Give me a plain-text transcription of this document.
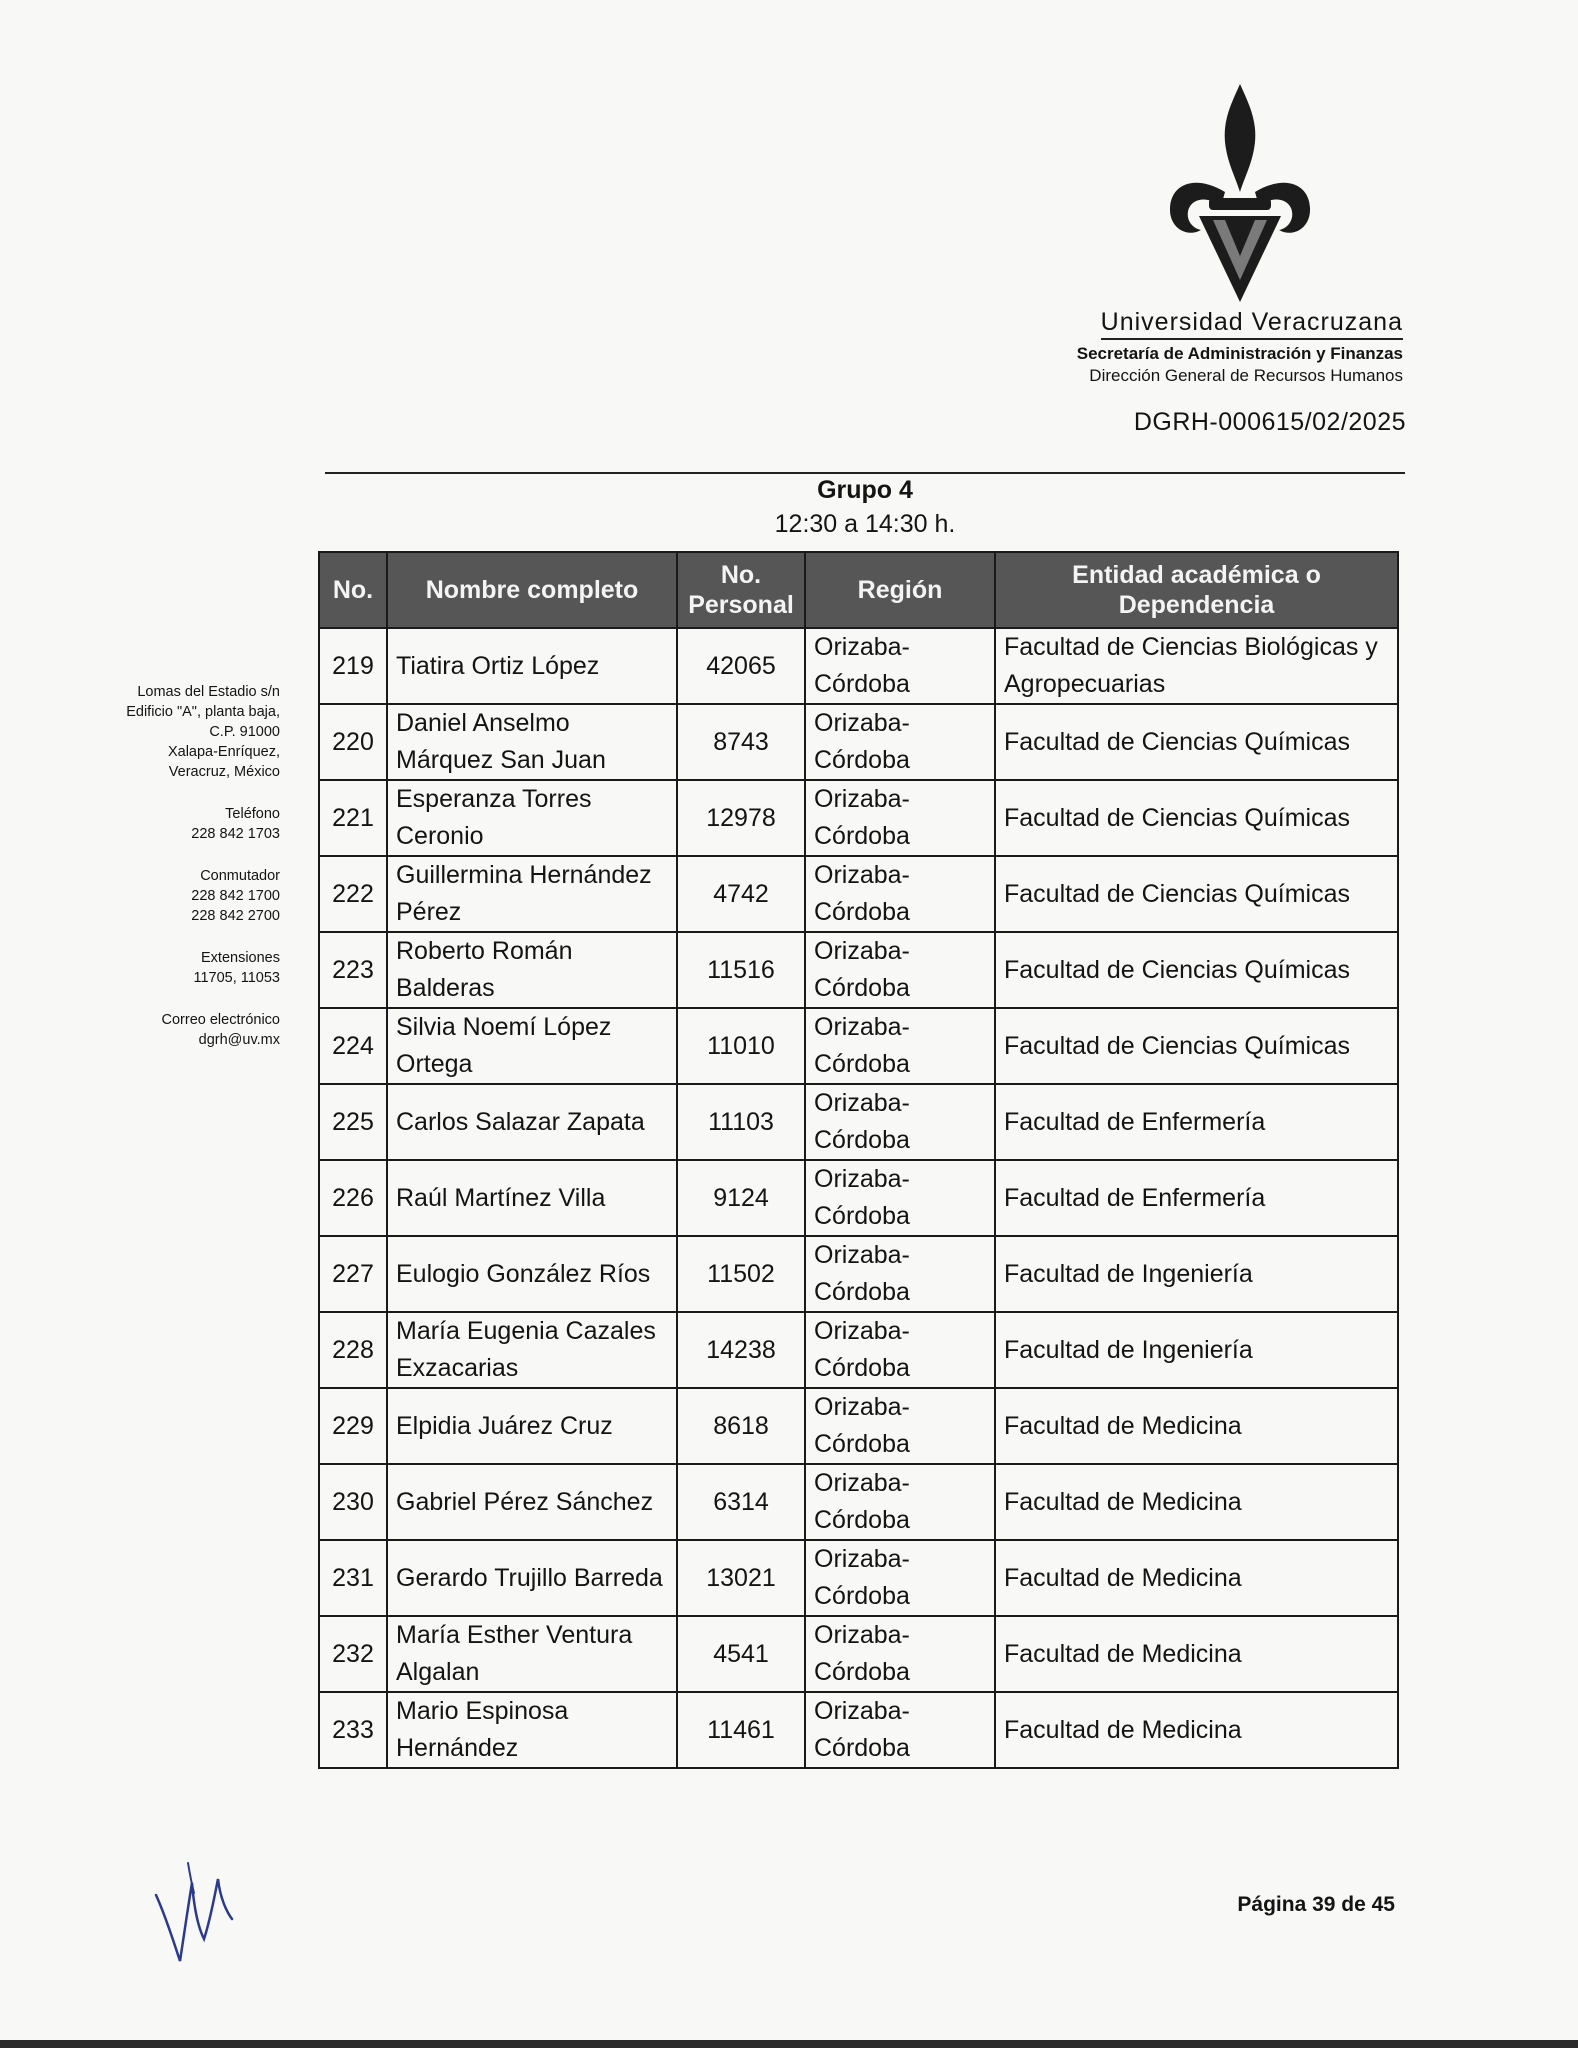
Universidad Veracruzana
Secretaría de Administración y Finanzas
Dirección General de Recursos Humanos
DGRH-000615/02/2025
Grupo 4
12:30 a 14:30 h.
Lomas del Estadio s/n
Edificio "A", planta baja,
C.P. 91000
Xalapa-Enríquez,
Veracruz, México
Teléfono
228 842 1703
Conmutador
228 842 1700
228 842 2700
Extensiones
11705, 11053
Correo electrónico
dgrh@uv.mx
No.	Nombre completo	No. Personal	Región	Entidad académica o Dependencia
219	Tiatira Ortiz López	42065	Orizaba-Córdoba	Facultad de Ciencias Biológicas y Agropecuarias
220	Daniel Anselmo Márquez San Juan	8743	Orizaba-Córdoba	Facultad de Ciencias Químicas
221	Esperanza Torres Ceronio	12978	Orizaba-Córdoba	Facultad de Ciencias Químicas
222	Guillermina Hernández Pérez	4742	Orizaba-Córdoba	Facultad de Ciencias Químicas
223	Roberto Román Balderas	11516	Orizaba-Córdoba	Facultad de Ciencias Químicas
224	Silvia Noemí López Ortega	11010	Orizaba-Córdoba	Facultad de Ciencias Químicas
225	Carlos Salazar Zapata	11103	Orizaba-Córdoba	Facultad de Enfermería
226	Raúl Martínez Villa	9124	Orizaba-Córdoba	Facultad de Enfermería
227	Eulogio González Ríos	11502	Orizaba-Córdoba	Facultad de Ingeniería
228	María Eugenia Cazales Exzacarias	14238	Orizaba-Córdoba	Facultad de Ingeniería
229	Elpidia Juárez Cruz	8618	Orizaba-Córdoba	Facultad de Medicina
230	Gabriel Pérez Sánchez	6314	Orizaba-Córdoba	Facultad de Medicina
231	Gerardo Trujillo Barreda	13021	Orizaba-Córdoba	Facultad de Medicina
232	María Esther Ventura Algalan	4541	Orizaba-Córdoba	Facultad de Medicina
233	Mario Espinosa Hernández	11461	Orizaba-Córdoba	Facultad de Medicina
Página 39 de 45
